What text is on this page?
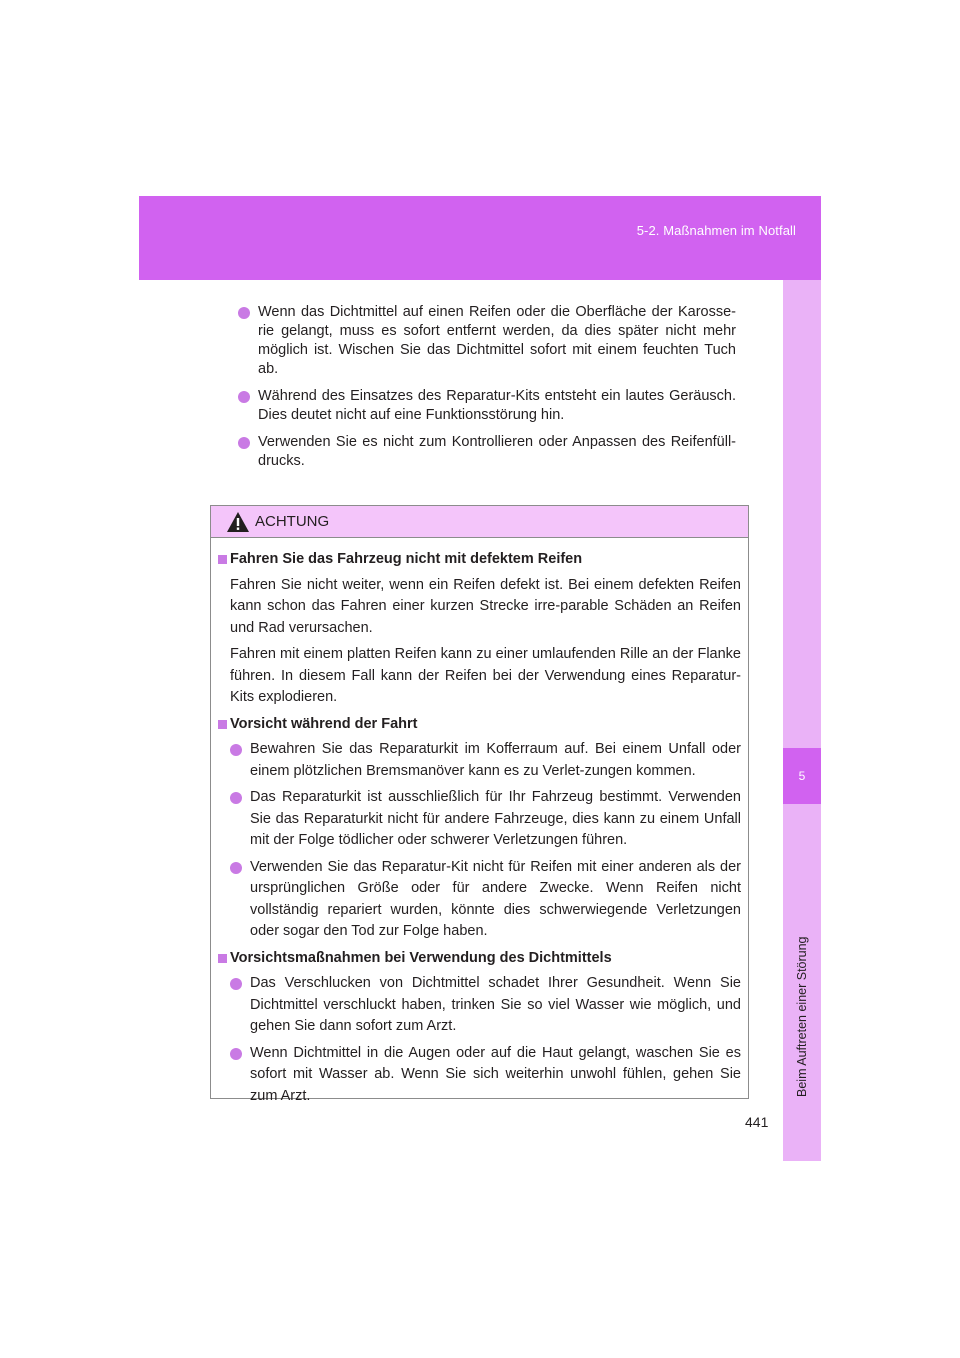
5-2. Maßnahmen im Notfall
5
Beim Auftreten einer Störung
Wenn das Dichtmittel auf einen Reifen oder die Oberfläche der Karosse-rie gelangt, muss es sofort entfernt werden, da dies später nicht mehr möglich ist. Wischen Sie das Dichtmittel sofort mit einem feuchten Tuch ab.
Während des Einsatzes des Reparatur-Kits entsteht ein lautes Geräusch. Dies deutet nicht auf eine Funktionsstörung hin.
Verwenden Sie es nicht zum Kontrollieren oder Anpassen des Reifenfüll-drucks.
ACHTUNG
Fahren Sie das Fahrzeug nicht mit defektem Reifen
Fahren Sie nicht weiter, wenn ein Reifen defekt ist. Bei einem defekten Reifen kann schon das Fahren einer kurzen Strecke irre-parable Schäden an Reifen und Rad verursachen.
Fahren mit einem platten Reifen kann zu einer umlaufenden Rille an der Flanke führen. In diesem Fall kann der Reifen bei der Verwendung eines Reparatur-Kits explodieren.
Vorsicht während der Fahrt
Bewahren Sie das Reparaturkit im Kofferraum auf. Bei einem Unfall oder einem plötzlichen Bremsmanöver kann es zu Verlet-zungen kommen.
Das Reparaturkit ist ausschließlich für Ihr Fahrzeug bestimmt. Verwenden Sie das Reparaturkit nicht für andere Fahrzeuge, dies kann zu einem Unfall mit der Folge tödlicher oder schwerer Verletzungen führen.
Verwenden Sie das Reparatur-Kit nicht für Reifen mit einer anderen als der ursprünglichen Größe oder für andere Zwecke. Wenn Reifen nicht vollständig repariert wurden, könnte dies schwerwiegende Verletzungen oder sogar den Tod zur Folge haben.
Vorsichtsmaßnahmen bei Verwendung des Dichtmittels
Das Verschlucken von Dichtmittel schadet Ihrer Gesundheit. Wenn Sie Dichtmittel verschluckt haben, trinken Sie so viel Wasser wie möglich, und gehen Sie dann sofort zum Arzt.
Wenn Dichtmittel in die Augen oder auf die Haut gelangt, waschen Sie es sofort mit Wasser ab. Wenn Sie sich weiterhin unwohl fühlen, gehen Sie zum Arzt.
441
